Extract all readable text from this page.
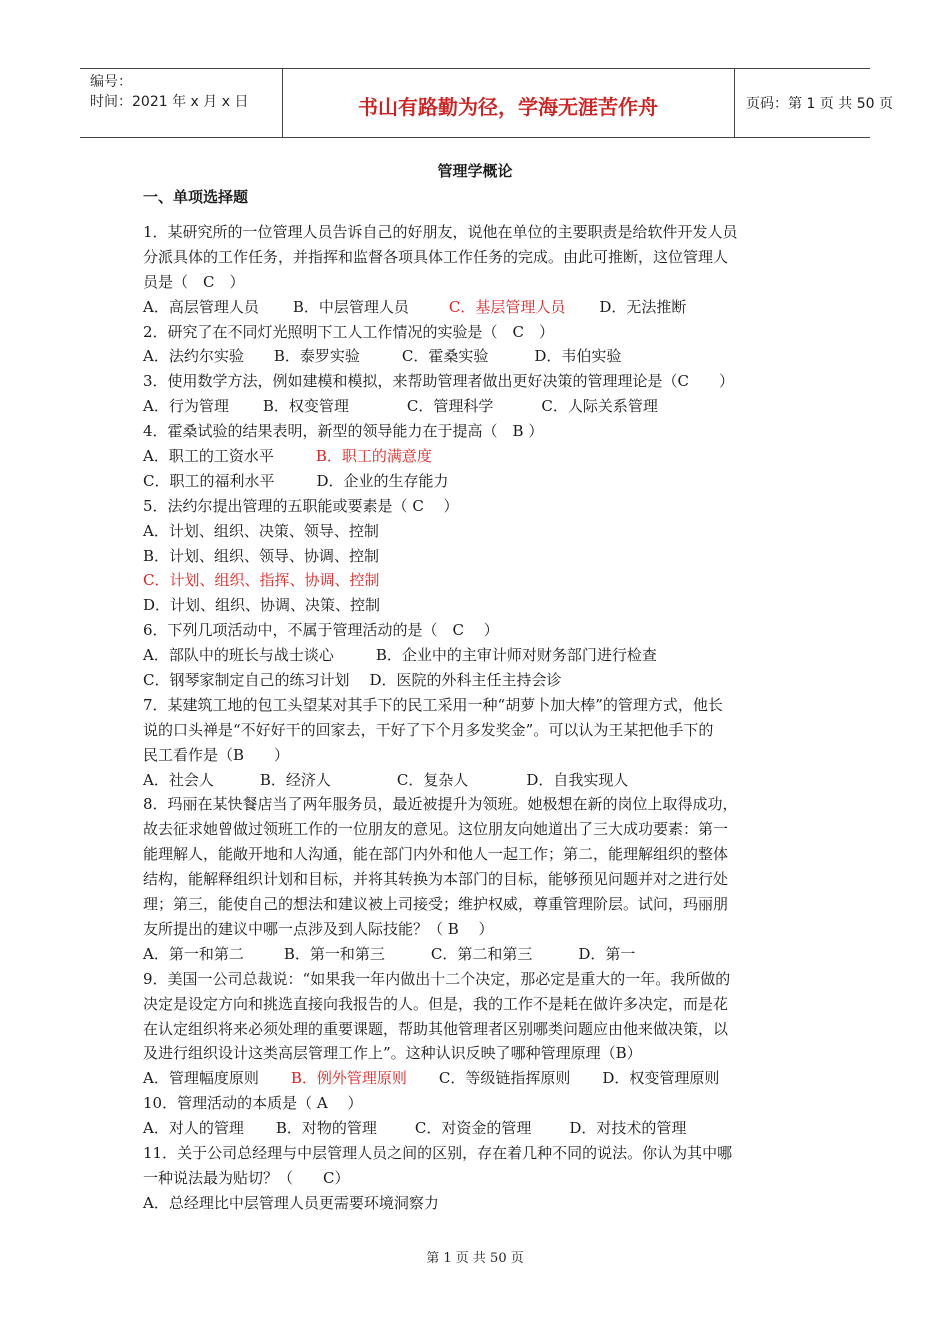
编号：
时间：2021 年 x 月 x 日	书山有路勤为径，学海无涯苦作舟	页码：第 1 页 共 50 页
管理学概论
一、单项选择题
1．某研究所的一位管理人员告诉自己的好朋友，说他在单位的主要职责是给软件开发人员
分派具体的工作任务，并指挥和监督各项具体工作任务的完成。由此可推断，这位管理人
员是（　C　）
A．高层管理人员 B．中层管理人员	C．基层管理人员 D．无法推断
2．研究了在不同灯光照明下工人工作情况的实验是（　C　）
A．法约尔实验 B．泰罗实验	C．霍桑实验	D．韦伯实验
3．使用数学方法，例如建模和模拟，来帮助管理者做出更好决策的管理理论是（C　　）
A．行为管理 B．权变管理	C．管理科学	C．人际关系管理
4．霍桑试验的结果表明，新型的领导能力在于提高（　B ）
A．职工的工资水平	B．职工的满意度
C．职工的福利水平	D．企业的生存能力
5．法约尔提出管理的五职能或要素是（ C　 ）
A．计划、组织、决策、领导、控制
B．计划、组织、领导、协调、控制
C．计划、组织、指挥、协调、控制
D．计划、组织、协调、决策、控制
6．下列几项活动中，不属于管理活动的是（　C　 ）
A．部队中的班长与战士谈心	B．企业中的主审计师对财务部门进行检查
C．钢琴家制定自己的练习计划 D．医院的外科主任主持会诊
7．某建筑工地的包工头望某对其手下的民工采用一种“胡萝卜加大棒”的管理方式，他长
说的口头禅是“不好好干的回家去，干好了下个月多发奖金”。可以认为王某把他手下的
民工看作是（B　　）
A．社会人	B．经济人	C．复杂人	D．自我实现人
8．玛丽在某快餐店当了两年服务员，最近被提升为领班。她极想在新的岗位上取得成功，
故去征求她曾做过领班工作的一位朋友的意见。这位朋友向她道出了三大成功要素：第一
能理解人，能敞开地和人沟通，能在部门内外和他人一起工作；第二，能理解组织的整体
结构，能解释组织计划和目标，并将其转换为本部门的目标，能够预见问题并对之进行处
理；第三，能使自己的想法和建议被上司接受；维护权威，尊重管理阶层。试问，玛丽朋
友所提出的建议中哪一点涉及到人际技能？（ B　 ）
A．第一和第二	B．第一和第三	C．第二和第三	D．第一
9．美国一公司总裁说：“如果我一年内做出十二个决定，那必定是重大的一年。我所做的
决定是设定方向和挑选直接向我报告的人。但是，我的工作不是耗在做许多决定，而是花
在认定组织将来必须处理的重要课题，帮助其他管理者区别哪类问题应由他来做决策，以
及进行组织设计这类高层管理工作上”。这种认识反映了哪种管理原理（B）
A．管理幅度原则 B．例外管理原则 C．等级链指挥原则 D．权变管理原则
10．管理活动的本质是（ A　 ）
A．对人的管理 B．对物的管理	C．对资金的管理	D．对技术的管理
11．关于公司总经理与中层管理人员之间的区别，存在着几种不同的说法。你认为其中哪
一种说法最为贴切？（　　C）
A．总经理比中层管理人员更需要环境洞察力
第 1 页 共 50 页
